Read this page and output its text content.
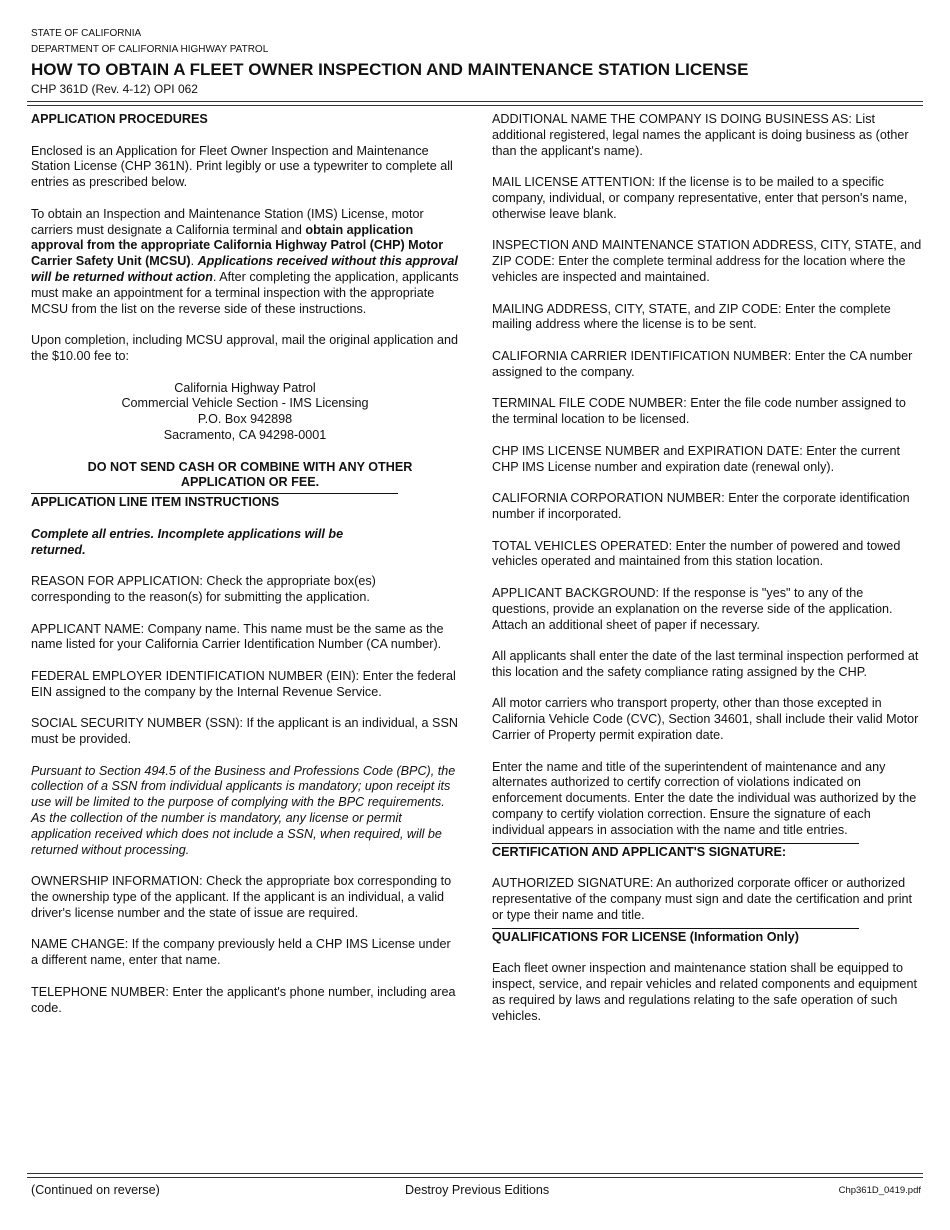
STATE OF CALIFORNIA
DEPARTMENT OF CALIFORNIA HIGHWAY PATROL
HOW TO OBTAIN A FLEET OWNER INSPECTION AND MAINTENANCE STATION LICENSE
CHP 361D (Rev. 4-12) OPI 062

APPLICATION PROCEDURES

Enclosed is an Application for Fleet Owner Inspection and Maintenance Station License (CHP 361N). Print legibly or use a typewriter to complete all entries as prescribed below.

To obtain an Inspection and Maintenance Station (IMS) License, motor carriers must designate a California terminal and obtain application approval from the appropriate California Highway Patrol (CHP) Motor Carrier Safety Unit (MCSU). Applications received without this approval will be returned without action. After completing the application, applicants must make an appointment for a terminal inspection with the appropriate MCSU from the list on the reverse side of these instructions.

Upon completion, including MCSU approval, mail the original application and the $10.00 fee to:

California Highway Patrol
Commercial Vehicle Section - IMS Licensing
P.O. Box 942898
Sacramento, CA 94298-0001

DO NOT SEND CASH OR COMBINE WITH ANY OTHER APPLICATION OR FEE.

APPLICATION LINE ITEM INSTRUCTIONS

Complete all entries. Incomplete applications will be returned.

REASON FOR APPLICATION: Check the appropriate box(es) corresponding to the reason(s) for submitting the application.

APPLICANT NAME: Company name. This name must be the same as the name listed for your California Carrier Identification Number (CA number).

FEDERAL EMPLOYER IDENTIFICATION NUMBER (EIN): Enter the federal EIN assigned to the company by the Internal Revenue Service.

SOCIAL SECURITY NUMBER (SSN): If the applicant is an individual, a SSN must be provided.

Pursuant to Section 494.5 of the Business and Professions Code (BPC), the collection of a SSN from individual applicants is mandatory; upon receipt its use will be limited to the purpose of complying with the BPC requirements. As the collection of the number is mandatory, any license or permit application received which does not include a SSN, when required, will be returned without processing.

OWNERSHIP INFORMATION: Check the appropriate box corresponding to the ownership type of the applicant. If the applicant is an individual, a valid driver's license number and the state of issue are required.

NAME CHANGE: If the company previously held a CHP IMS License under a different name, enter that name.

TELEPHONE NUMBER: Enter the applicant's phone number, including area code.

ADDITIONAL NAME THE COMPANY IS DOING BUSINESS AS: List additional registered, legal names the applicant is doing business as (other than the applicant's name).

MAIL LICENSE ATTENTION: If the license is to be mailed to a specific company, individual, or company representative, enter that person's name, otherwise leave blank.

INSPECTION AND MAINTENANCE STATION ADDRESS, CITY, STATE, and ZIP CODE: Enter the complete terminal address for the location where the vehicles are inspected and maintained.

MAILING ADDRESS, CITY, STATE, and ZIP CODE: Enter the complete mailing address where the license is to be sent.

CALIFORNIA CARRIER IDENTIFICATION NUMBER: Enter the CA number assigned to the company.

TERMINAL FILE CODE NUMBER: Enter the file code number assigned to the terminal location to be licensed.

CHP IMS LICENSE NUMBER and EXPIRATION DATE: Enter the current CHP IMS License number and expiration date (renewal only).

CALIFORNIA CORPORATION NUMBER: Enter the corporate identification number if incorporated.

TOTAL VEHICLES OPERATED: Enter the number of powered and towed vehicles operated and maintained from this station location.

APPLICANT BACKGROUND: If the response is "yes" to any of the questions, provide an explanation on the reverse side of the application. Attach an additional sheet of paper if necessary.

All applicants shall enter the date of the last terminal inspection performed at this location and the safety compliance rating assigned by the CHP.

All motor carriers who transport property, other than those excepted in California Vehicle Code (CVC), Section 34601, shall include their valid Motor Carrier of Property permit expiration date.

Enter the name and title of the superintendent of maintenance and any alternates authorized to certify correction of violations indicated on enforcement documents. Enter the date the individual was authorized by the company to certify violation correction. Ensure the signature of each individual appears in association with the name and title entries.

CERTIFICATION AND APPLICANT'S SIGNATURE:

AUTHORIZED SIGNATURE: An authorized corporate officer or authorized representative of the company must sign and date the certification and print or type their name and title.

QUALIFICATIONS FOR LICENSE (Information Only)

Each fleet owner inspection and maintenance station shall be equipped to inspect, service, and repair vehicles and related components and equipment as required by laws and regulations relating to the safe operation of such vehicles.

(Continued on reverse)	Destroy Previous Editions	Chp361D_0419.pdf
